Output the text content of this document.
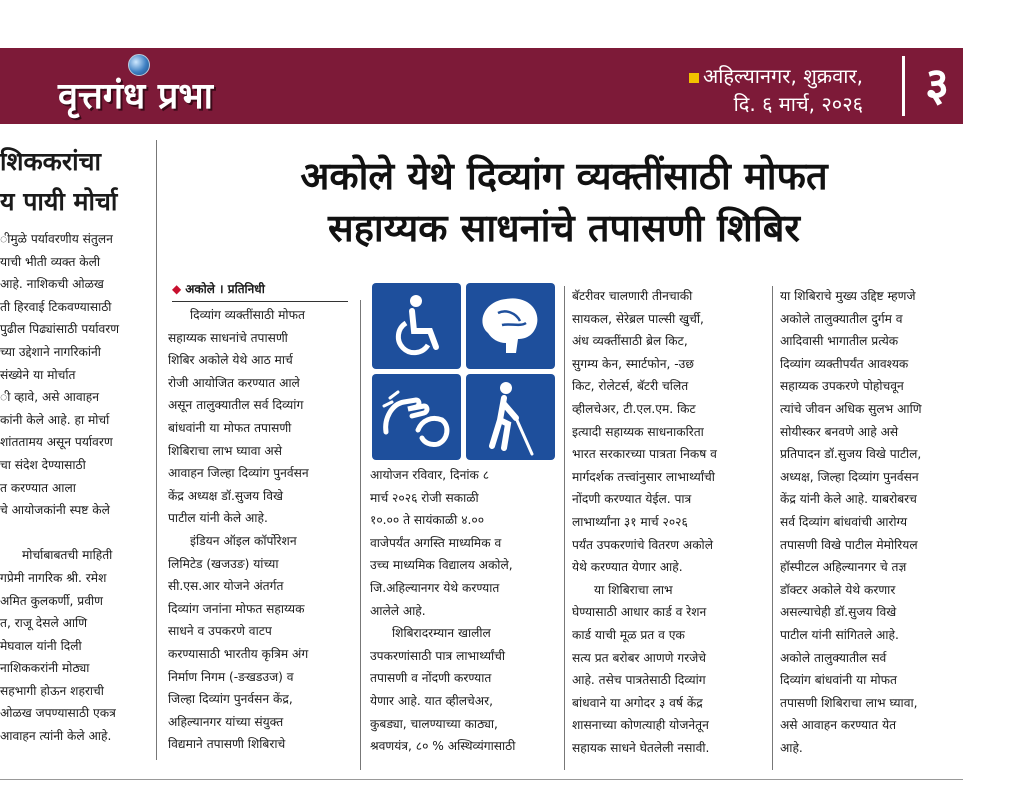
वृत्तगंध प्रभा	अहिल्यानगर, शुक्रवार,
दि. ६ मार्च, २०२६ ३
शिककरांचा
य पायी मोर्चा
ीमुळे पर्यावरणीय संतुलन
याची भीती व्यक्त केली
आहे. नाशिकची ओळख
ती हिरवाई टिकवण्यासाठी
पुढील पिढ्यांसाठी पर्यावरण
च्या उद्देशाने नागरिकांनी
संख्येने या मोर्चात
ी व्हावे, असे आवाहन
कांनी केले आहे. हा मोर्चा
शांततामय असून पर्यावरण
चा संदेश देण्यासाठी
त करण्यात आला
चे आयोजकांनी स्पष्ट केले
मोर्चाबाबतची माहिती
गप्रेमी नागरिक श्री. रमेश
अमित कुलकर्णी, प्रवीण
त, राजू देसले आणि
मेघवाल यांनी दिली
नाशिककरांनी मोठ्या
सहभागी होऊन शहराची
ओळख जपण्यासाठी एकत्र
आवाहन त्यांनी केले आहे.
अकोले येथे दिव्यांग व्यक्तींसाठी मोफत
सहाय्यक साधनांचे तपासणी शिबिर
◆ अकोले । प्रतिनिधी
दिव्यांग व्यक्तींसाठी मोफत
सहाय्यक साधनांचे तपासणी
शिबिर अकोले येथे आठ मार्च
रोजी आयोजित करण्यात आले
असून तालुक्यातील सर्व दिव्यांग
बांधवांनी या मोफत तपासणी
शिबिराचा लाभ घ्यावा असे
आवाहन जिल्हा दिव्यांग पुनर्वसन
केंद्र अध्यक्ष डॉ.सुजय विखे
पाटील यांनी केले आहे.
इंडियन ऑइल कॉर्पोरेशन
लिमिटेड (खजउङ) यांच्या
सी.एस.आर योजने अंतर्गत
दिव्यांग जनांना मोफत सहाय्यक
साधने व उपकरणे वाटप
करण्यासाठी भारतीय कृत्रिम अंग
निर्माण निगम (-ङखडउज) व
जिल्हा दिव्यांग पुनर्वसन केंद्र,
अहिल्यानगर यांच्या संयुक्त
विद्यमाने तपासणी शिबिराचे
आयोजन रविवार, दिनांक ८
मार्च २०२६ रोजी सकाळी
१०.०० ते सायंकाळी ४.००
वाजेपर्यंत अगस्ति माध्यमिक व
उच्च माध्यमिक विद्यालय अकोले,
जि.अहिल्यानगर येथे करण्यात
आलेले आहे.
शिबिरादरम्यान खालील
उपकरणांसाठी पात्र लाभार्थ्यांची
तपासणी व नोंदणी करण्यात
येणार आहे. यात व्हीलचेअर,
कुबड्या, चालण्याच्या काठ्या,
श्रवणयंत्र, ८० % अस्थिव्यंगासाठी
बॅटरीवर चालणारी तीनचाकी
सायकल, सेरेब्रल पाल्सी खुर्ची,
अंध व्यक्तींसाठी ब्रेल किट,
सुगम्य केन, स्मार्टफोन, -उछ
किट, रोलेटर्स, बॅटरी चलित
व्हीलचेअर, टी.एल.एम. किट
इत्यादी सहाय्यक साधनाकरिता
भारत सरकारच्या पात्रता निकष व
मार्गदर्शक तत्त्वांनुसार लाभार्थ्यांची
नोंदणी करण्यात येईल. पात्र
लाभार्थ्यांना ३१ मार्च २०२६
पर्यंत उपकरणांचे वितरण अकोले
येथे करण्यात येणार आहे.
या शिबिराचा लाभ
घेण्यासाठी आधार कार्ड व रेशन
कार्ड याची मूळ प्रत व एक
सत्य प्रत बरोबर आणणे गरजेचे
आहे. तसेच पात्रतेसाठी दिव्यांग
बांधवाने या अगोदर ३ वर्ष केंद्र
शासनाच्या कोणत्याही योजनेतून
सहायक साधने घेतलेली नसावी.
या शिबिराचे मुख्य उद्दिष्ट म्हणजे
अकोले तालुक्यातील दुर्गम व
आदिवासी भागातील प्रत्येक
दिव्यांग व्यक्तीपर्यंत आवश्यक
सहाय्यक उपकरणे पोहोचवून
त्यांचे जीवन अधिक सुलभ आणि
सोयीस्कर बनवणे आहे असे
प्रतिपादन डॉ.सुजय विखे पाटील,
अध्यक्ष, जिल्हा दिव्यांग पुनर्वसन
केंद्र यांनी केले आहे. याबरोबरच
सर्व दिव्यांग बांधवांची आरोग्य
तपासणी विखे पाटील मेमोरियल
हॉस्पीटल अहिल्यानगर चे तज्ञ
डॉक्टर अकोले येथे करणार
असल्याचेही डॉ.सुजय विखे
पाटील यांनी सांगितले आहे.
अकोले तालुक्यातील सर्व
दिव्यांग बांधवांनी या मोफत
तपासणी शिबिराचा लाभ घ्यावा,
असे आवाहन करण्यात येत
आहे.
